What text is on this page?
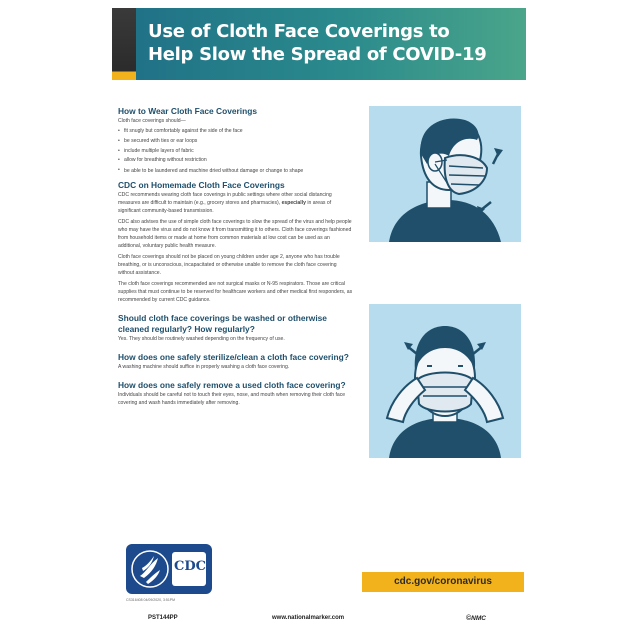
Use of Cloth Face Coverings to
Help Slow the Spread of COVID-19
How to Wear Cloth Face Coverings

Cloth face coverings should—

• fit snugly but comfortably against the side of the face
• be secured with ties or ear loops
• include multiple layers of fabric
• allow for breathing without restriction
• be able to be laundered and machine dried without damage or change to shape
CDC on Homemade Cloth Face Coverings

CDC recommends wearing cloth face coverings in public settings where other social distancing measures are difficult to maintain (e.g., grocery stores and pharmacies), especially in areas of significant community-based transmission.

CDC also advises the use of simple cloth face coverings to slow the spread of the virus and help people who may have the virus and do not know it from transmitting it to others. Cloth face coverings fashioned from household items or made at home from common materials at low cost can be used as an additional, voluntary public health measure.

Cloth face coverings should not be placed on young children under age 2, anyone who has trouble breathing, or is unconscious, incapacitated or otherwise unable to remove the cloth face covering without assistance.

The cloth face coverings recommended are not surgical masks or N-95 respirators. Those are critical supplies that must continue to be reserved for healthcare workers and other medical first responders, as recommended by current CDC guidance.

Should cloth face coverings be washed or otherwise cleaned regularly? How regularly?

Yes. They should be routinely washed depending on the frequency of use.

How does one safely sterilize/clean a cloth face covering?

A washing machine should suffice in properly washing a cloth face covering.

How does one safely remove a used cloth face covering?

Individuals should be careful not to touch their eyes, nose, and mouth when removing their cloth face covering and wash hands immediately after removing.

CDC
CS316408 04/09/2020, 3:51PM
cdc.gov/coronavirus
PST144PP	www.nationalmarker.com	©NMC
